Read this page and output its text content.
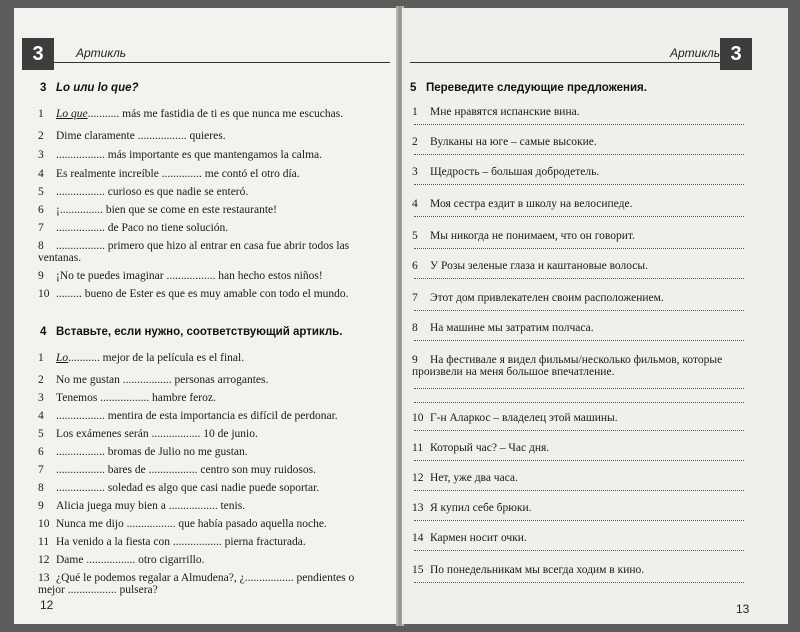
3	Артикль
3 Lo или lo que?
1 Lo que........... más me fastidia de ti es que nunca me escuchas.
2 Dime claramente ................. quieres.
3 ................. más importante es que mantengamos la calma.
4 Es realmente increíble .............. me contó el otro día.
5 ................. curioso es que nadie se enteró.
6 ¡............... bien que se come en este restaurante!
7 ................. de Paco no tiene solución.
8 ................. primero que hizo al entrar en casa fue abrir todos las ventanas.
9 ¡No te puedes imaginar ................. han hecho estos niños!
10 ......... bueno de Ester es que es muy amable con todo el mundo.
4 Вставьте, если нужно, соответствующий артикль.
1 Lo........... mejor de la película es el final.
2 No me gustan ................. personas arrogantes.
3 Tenemos ................. hambre feroz.
4 ................. mentira de esta importancia es difícil de perdonar.
5 Los exámenes serán ................. 10 de junio.
6 ................. bromas de Julio no me gustan.
7 ................. bares de ................. centro son muy ruidosos.
8 ................. soledad es algo que casi nadie puede soportar.
9 Alicia juega muy bien a ................. tenis.
10 Nunca me dijo ................. que había pasado aquella noche.
11 Ha venido a la fiesta con ................. pierna fracturada.
12 Dame ................. otro cigarrillo.
13 ¿Qué le podemos regalar a Almudena?, ¿................. pendientes o mejor ................. pulsera?
12
Артикль 3
5 Переведите следующие предложения.
1 Мне нравятся испанские вина.
2 Вулканы на юге – самые высокие.
3 Щедрость – большая добродетель.
4 Моя сестра ездит в школу на велосипеде.
5 Мы никогда не понимаем, что он говорит.
6 У Розы зеленые глаза и каштановые волосы.
7 Этот дом привлекателен своим расположением.
8 На машине мы затратим полчаса.
9 На фестивале я видел фильмы/несколько фильмов, которые произвели на меня большое впечатление.
10 Г-н Аларкос – владелец этой машины.
11 Который час? – Час дня.
12 Нет, уже два часа.
13 Я купил себе брюки.
14 Кармен носит очки.
15 По понедельникам мы всегда ходим в кино.
13
